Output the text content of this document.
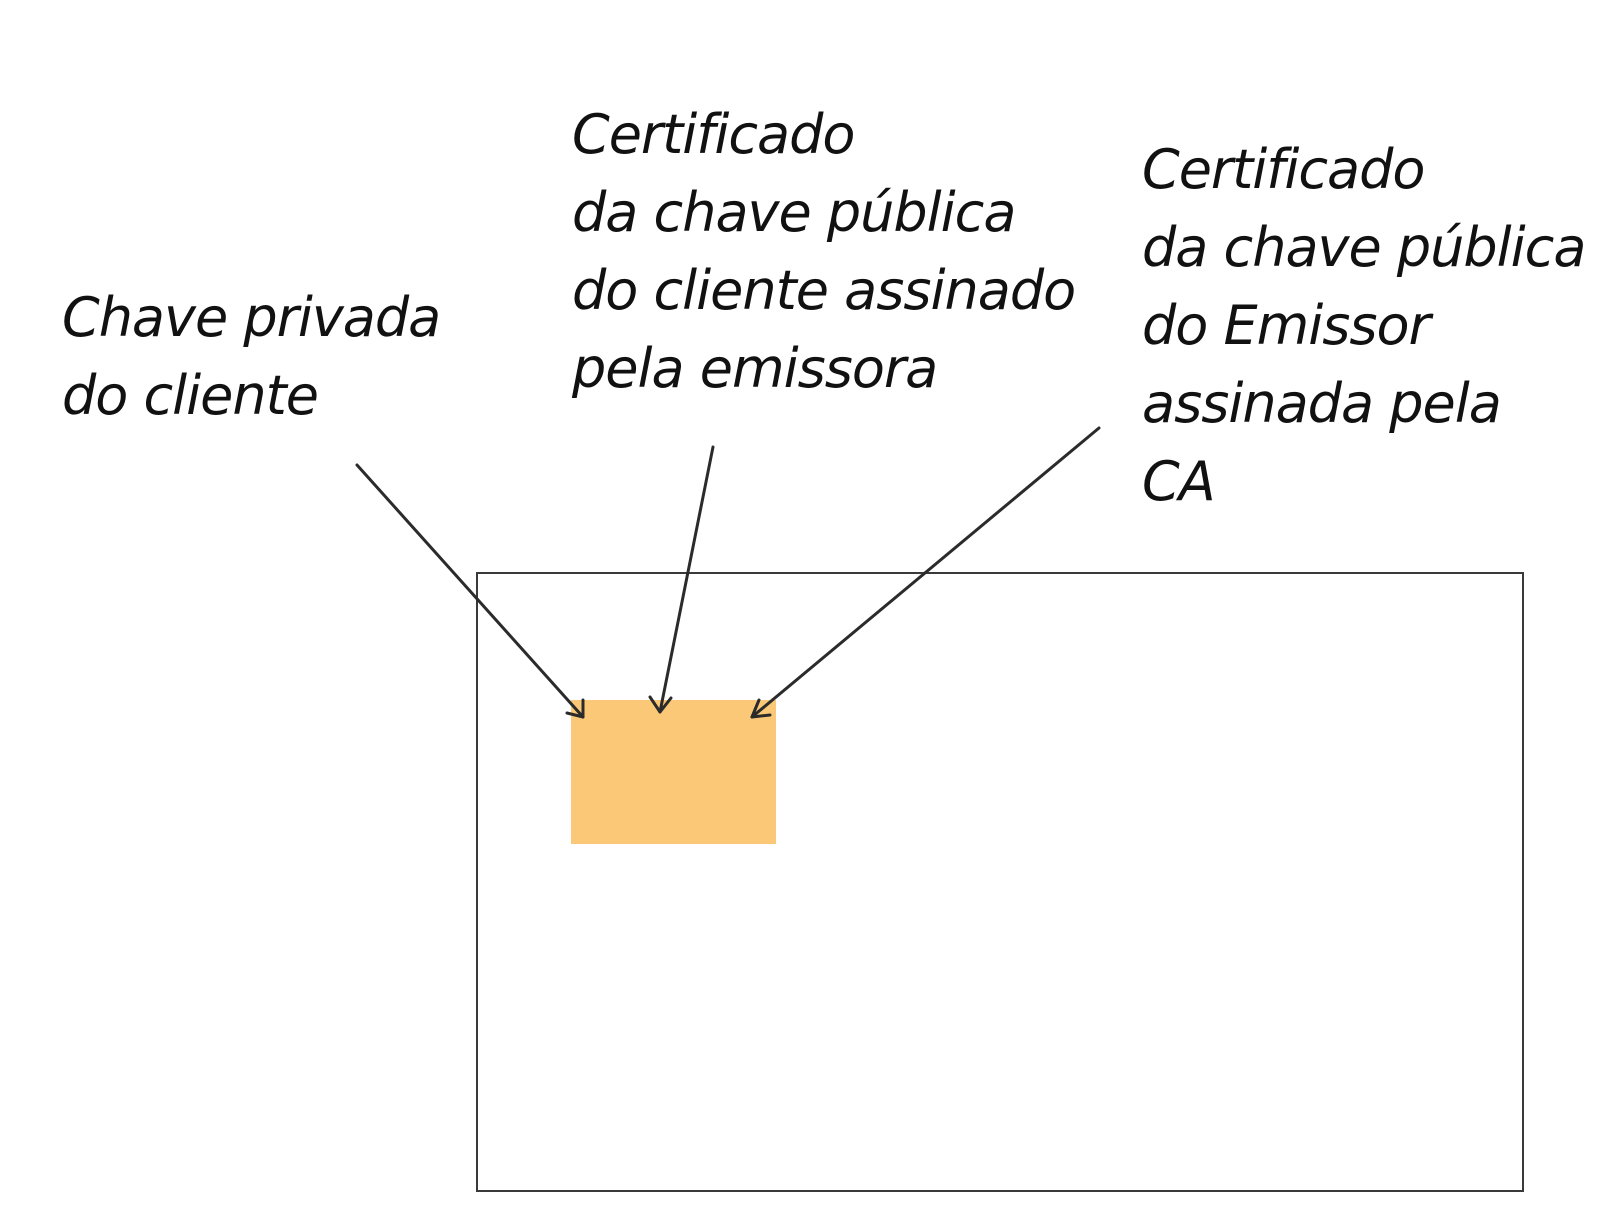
Chave privada
do cliente

Certificado
da chave pública
do cliente assinado
pela emissora

Certificado
da chave pública
do Emissor
assinada pela
CA
